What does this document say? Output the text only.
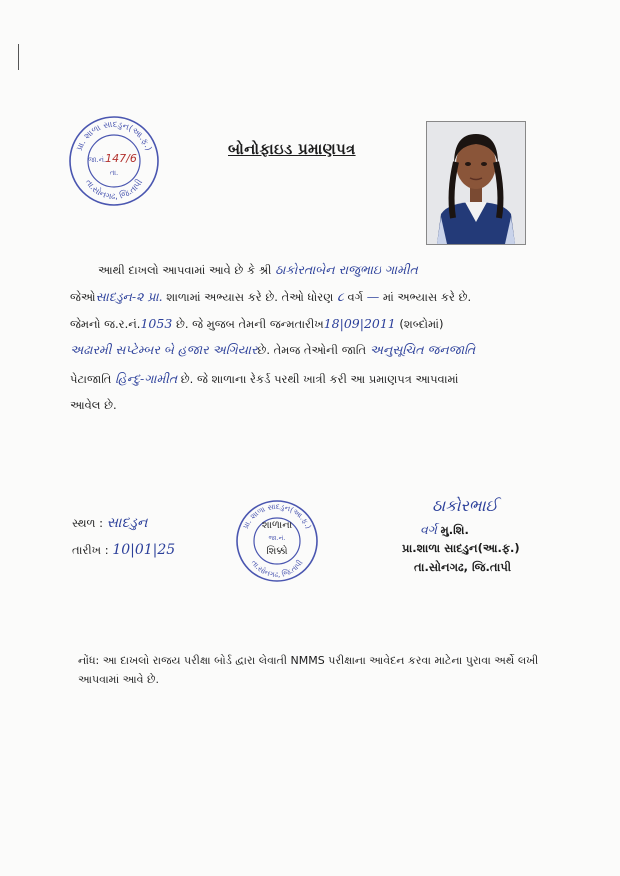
પ્રા. શાળા સાદડુન(આ.ફ.)
તા.સોનગઢ, જિ.તાપી
જા.નં.
147/6
તા.
બોનોફાઇડ પ્રમાણપત્ર
આથી દાખલો આપવામાં આવે છે કે શ્રી ઠાકોરતાબેન રાજુભાઇ ગામીત
જેઓસાદડુન-૨ પ્રા. શાળામાં અભ્યાસ કરે છે. તેઓ ધોરણ ૮ વર્ગ — માં અભ્યાસ કરે છે.
જેમનો જ.ર.નં.1053 છે. જે મુજબ તેમની જન્મતારીખ18|09|2011 (શબ્દોમાં)
અઢારમી સપ્ટેમ્બર બે હજાર અગિયારછે. તેમજ તેઓની જાતિ અનુસૂચિત જનજાતિ
પેટાજાતિ હિન્દુ-ગામીત છે. જે શાળાના રેકર્ડ પરથી ખાત્રી કરી આ પ્રમાણપત્ર આપવામાં
આવેલ છે.
સ્થળ : સાદડુન
તારીખ : 10|01|25
પ્રા. શાળા સાદડુન(આ.ફ.)
તા.સોનગઢ, જિ.તાપી
શાળાના
જા.નં.
શિક્કો
ઠાકોરભાઈ
વર્ગ મુ.શિ.
પ્રા.શાળા સાદડુન(આ.ફ.)
તા.સોનગઢ, જિ.તાપી
નોંધ: આ દાખલો રાજય પરીક્ષા બોર્ડ દ્વારા લેવાતી NMMS પરીક્ષાના આવેદન કરવા માટેના પુરાવા અર્થે લખી આપવામાં આવે છે.
